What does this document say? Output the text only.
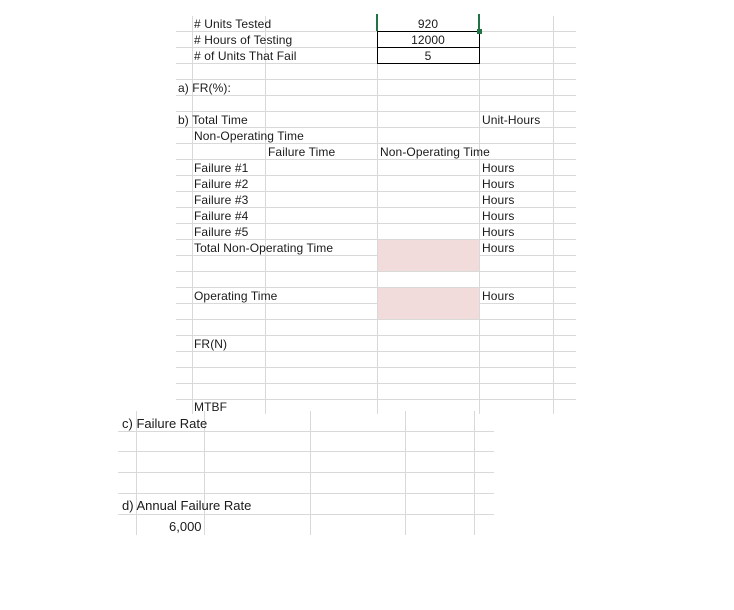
# Units Tested	920
# Hours of Testing	12000
# of Units That Fail	5
a) FR(%):
b) Total Time	Unit-Hours
Non-Operating Time
Failure Time	Non-Operating Time
Failure #1	Hours
Failure #2	Hours
Failure #3	Hours
Failure #4	Hours
Failure #5	Hours
Total Non-Operating Time	Hours
Operating Time	Hours
FR(N)
MTBF
c) Failure Rate
d) Annual Failure Rate
6,000
